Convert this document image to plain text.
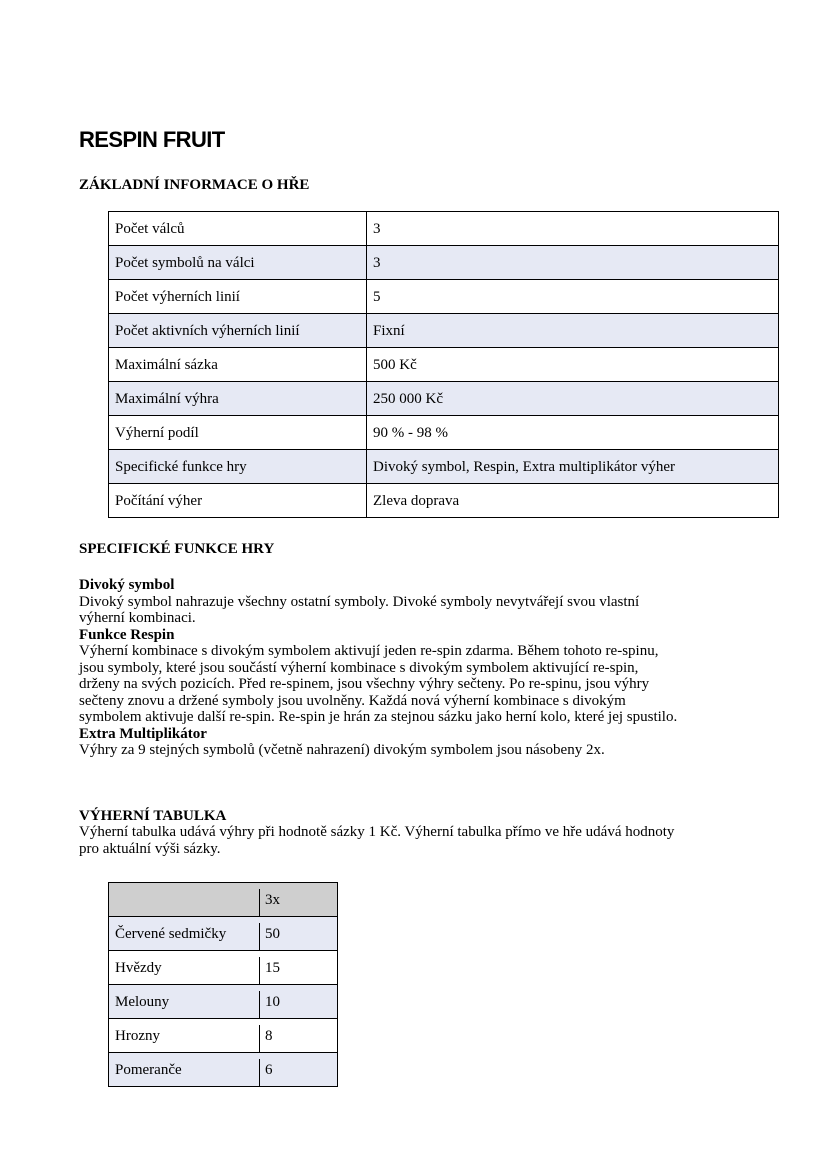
RESPIN FRUIT
ZÁKLADNÍ INFORMACE O HŘE
Počet válců	3
Počet symbolů na válci	3
Počet výherních linií	5
Počet aktivních výherních linií	Fixní
Maximální sázka	500 Kč
Maximální výhra	250 000 Kč
Výherní podíl	90 % - 98 %
Specifické funkce hry	Divoký symbol, Respin, Extra multiplikátor výher
Počítání výher	Zleva doprava
SPECIFICKÉ FUNKCE HRY
Divoký symbol
Divoký symbol nahrazuje všechny ostatní symboly. Divoké symboly nevytvářejí svou vlastní
výherní kombinaci.
Funkce Respin
Výherní kombinace s divokým symbolem aktivují jeden re-spin zdarma. Během tohoto re-spinu,
jsou symboly, které jsou součástí výherní kombinace s divokým symbolem aktivující re-spin,
drženy na svých pozicích. Před re-spinem, jsou všechny výhry sečteny. Po re-spinu, jsou výhry
sečteny znovu a držené symboly jsou uvolněny. Každá nová výherní kombinace s divokým
symbolem aktivuje další re-spin. Re-spin je hrán za stejnou sázku jako herní kolo, které jej spustilo.
Extra Multiplikátor
Výhry za 9 stejných symbolů (včetně nahrazení) divokým symbolem jsou násobeny 2x.
VÝHERNÍ TABULKA
Výherní tabulka udává výhry při hodnotě sázky 1 Kč. Výherní tabulka přímo ve hře udává hodnoty
pro aktuální výši sázky.
	3x
Červené sedmičky	50
Hvězdy	15
Melouny	10
Hrozny	8
Pomeranče	6
